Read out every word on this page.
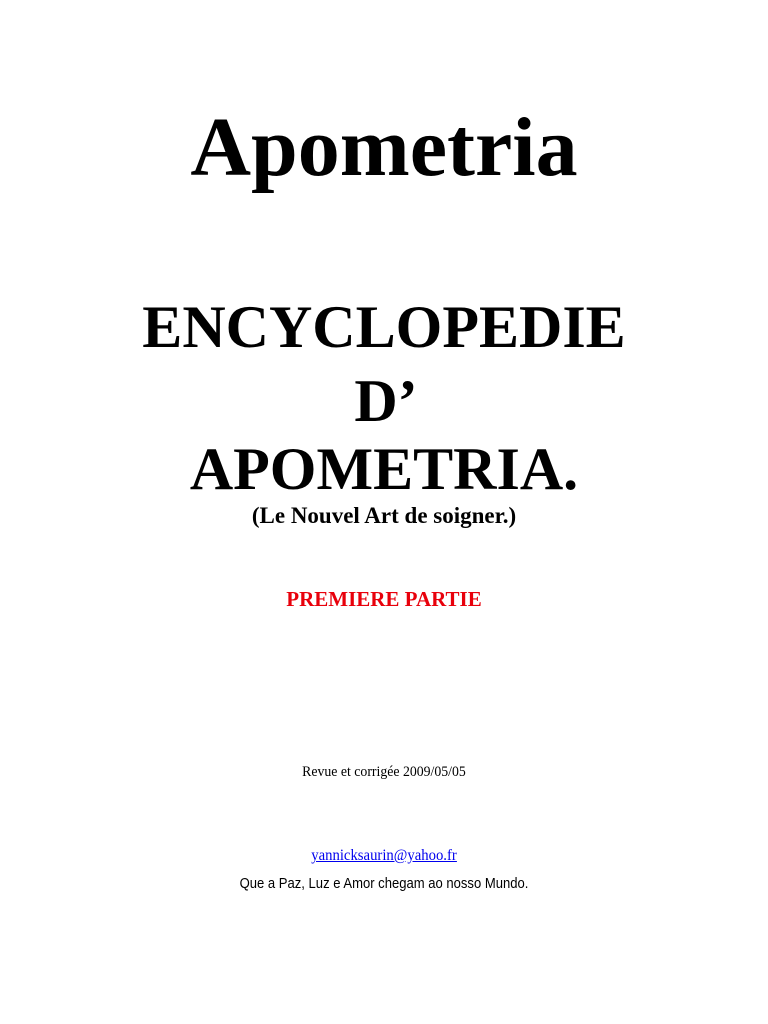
Apometria
ENCYCLOPEDIE
D’
APOMETRIA.
(Le Nouvel Art de soigner.)
PREMIERE PARTIE
Revue et corrigée 2009/05/05
yannicksaurin@yahoo.fr
Que a Paz, Luz e Amor chegam ao nosso Mundo.
